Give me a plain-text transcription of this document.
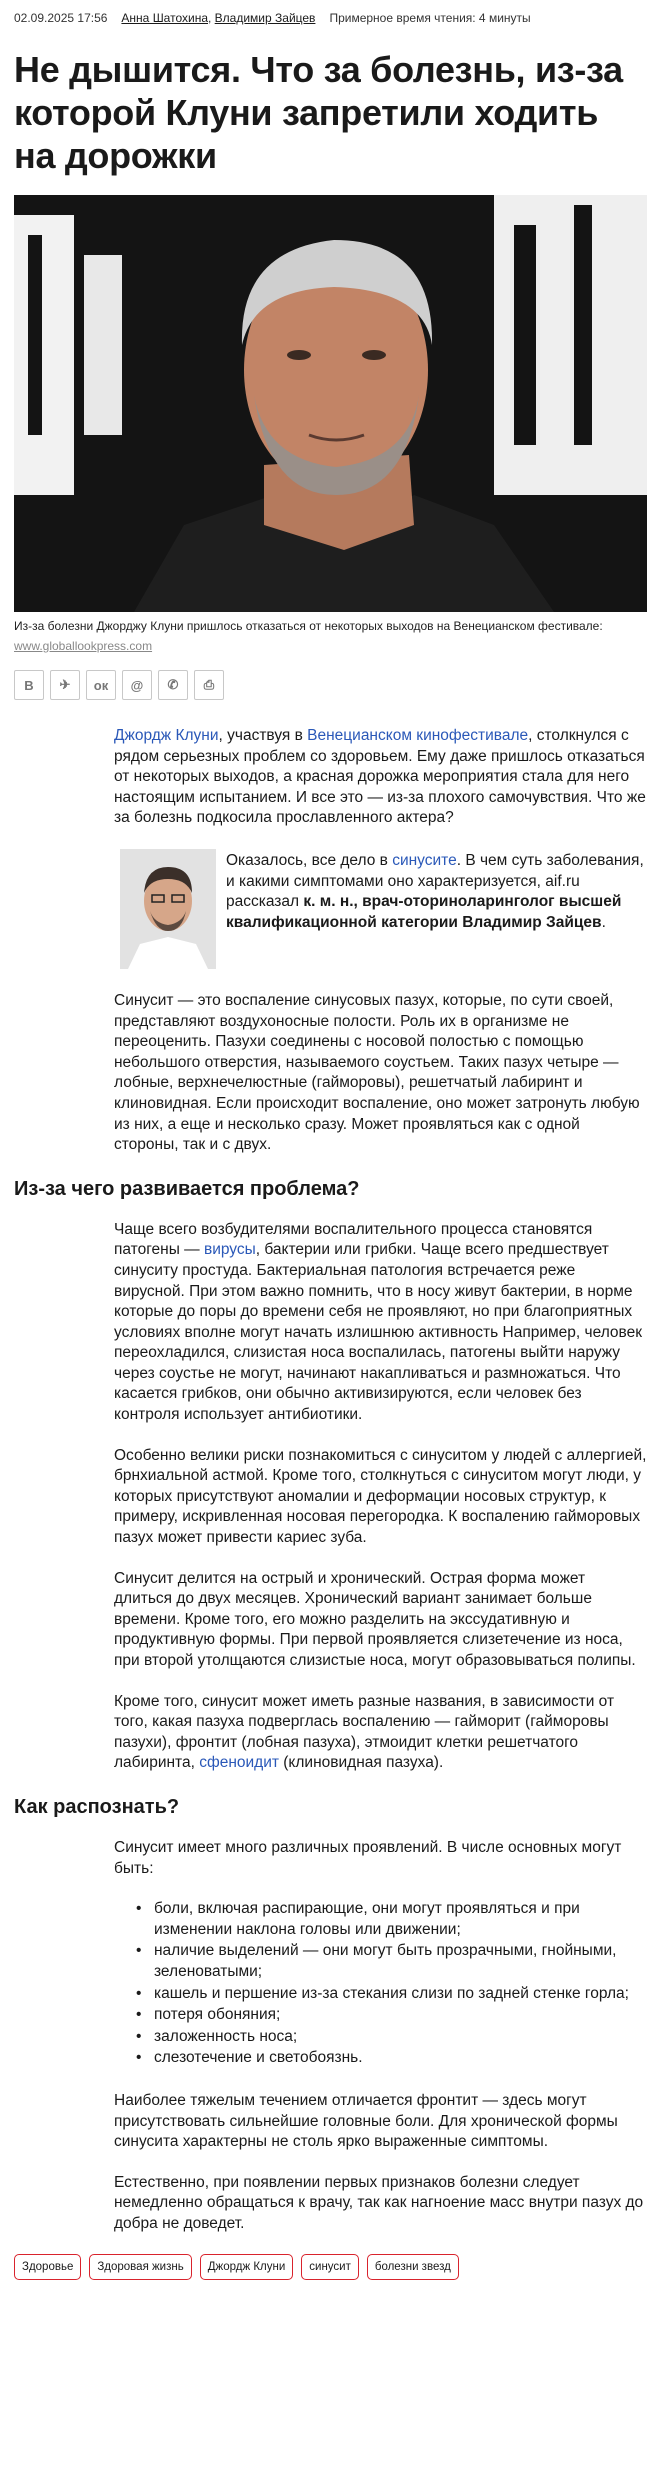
02.09.2025 17:56 Анна Шатохина, Владимир Зайцев Примерное время чтения: 4 минуты
Не дышится. Что за болезнь, из-за которой Клуни запретили ходить на дорожки
Из-за болезни Джорджу Клуни пришлось отказаться от некоторых выходов на Венецианском фестивале: www.globallookpress.com
B	✈	ок	@	✆	⎙

Джордж Клуни, участвуя в Венецианском кинофестивале, столкнулся с рядом серьезных проблем со здоровьем. Ему даже пришлось отказаться от некоторых выходов, а красная дорожка мероприятия стала для него настоящим испытанием. И все это — из-за плохого самочувствия. Что же за болезнь подкосила прославленного актера?

Оказалось, все дело в синусите. В чем суть заболевания, и какими симптомами оно характеризуется, aif.ru рассказал к. м. н., врач-оториноларинголог высшей квалификационной категории Владимир Зайцев.

Синусит — это воспаление синусовых пазух, которые, по сути своей, представляют воздухоносные полости. Роль их в организме не переоценить. Пазухи соединены с носовой полостью с помощью небольшого отверстия, называемого соустьем. Таких пазух четыре — лобные, верхнечелюстные (гайморовы), решетчатый лабиринт и клиновидная. Если происходит воспаление, оно может затронуть любую из них, а еще и несколько сразу. Может проявляться как с одной стороны, так и с двух.

Из-за чего развивается проблема?

Чаще всего возбудителями воспалительного процесса становятся патогены — вирусы, бактерии или грибки. Чаще всего предшествует синуситу простуда. Бактериальная патология встречается реже вирусной. При этом важно помнить, что в носу живут бактерии, в норме которые до поры до времени себя не проявляют, но при благоприятных условиях вполне могут начать излишнюю активность Например, человек переохладился, слизистая носа воспалилась, патогены выйти наружу через соустье не могут, начинают накапливаться и размножаться. Что касается грибков, они обычно активизируются, если человек без контроля использует антибиотики.

Особенно велики риски познакомиться с синуситом у людей с аллергией, брнхиальной астмой. Кроме того, столкнуться с синуситом могут люди, у которых присутствуют аномалии и деформации носовых структур, к примеру, искривленная носовая перегородка. К воспалению гайморовых пазух может привести кариес зуба.

Синусит делится на острый и хронический. Острая форма может длиться до двух месяцев. Хронический вариант занимает больше времени. Кроме того, его можно разделить на экссудативную и продуктивную формы. При первой проявляется слизетечение из носа, при второй утолщаются слизистые носа, могут образовываться полипы.

Кроме того, синусит может иметь разные названия, в зависимости от того, какая пазуха подверглась воспалению — гайморит (гайморовы пазухи), фронтит (лобная пазуха), этмоидит клетки решетчатого лабиринта, сфеноидит (клиновидная пазуха).

Как распознать?

Синусит имеет много различных проявлений. В числе основных могут быть:

• боли, включая распирающие, они могут проявляться и при изменении наклона головы или движении;
• наличие выделений — они могут быть прозрачными, гнойными, зеленоватыми;
• кашель и першение из-за стекания слизи по задней стенке горла;
• потеря обоняния;
• заложенность носа;
• слезотечение и светобоязнь.

Наиболее тяжелым течением отличается фронтит — здесь могут присутствовать сильнейшие головные боли. Для хронической формы синусита характерны не столь ярко выраженные симптомы.

Естественно, при появлении первых признаков болезни следует немедленно обращаться к врачу, так как нагноение масс внутри пазух до добра не доведет.

Здоровье	Здоровая жизнь	Джордж Клуни	синусит	болезни звезд
